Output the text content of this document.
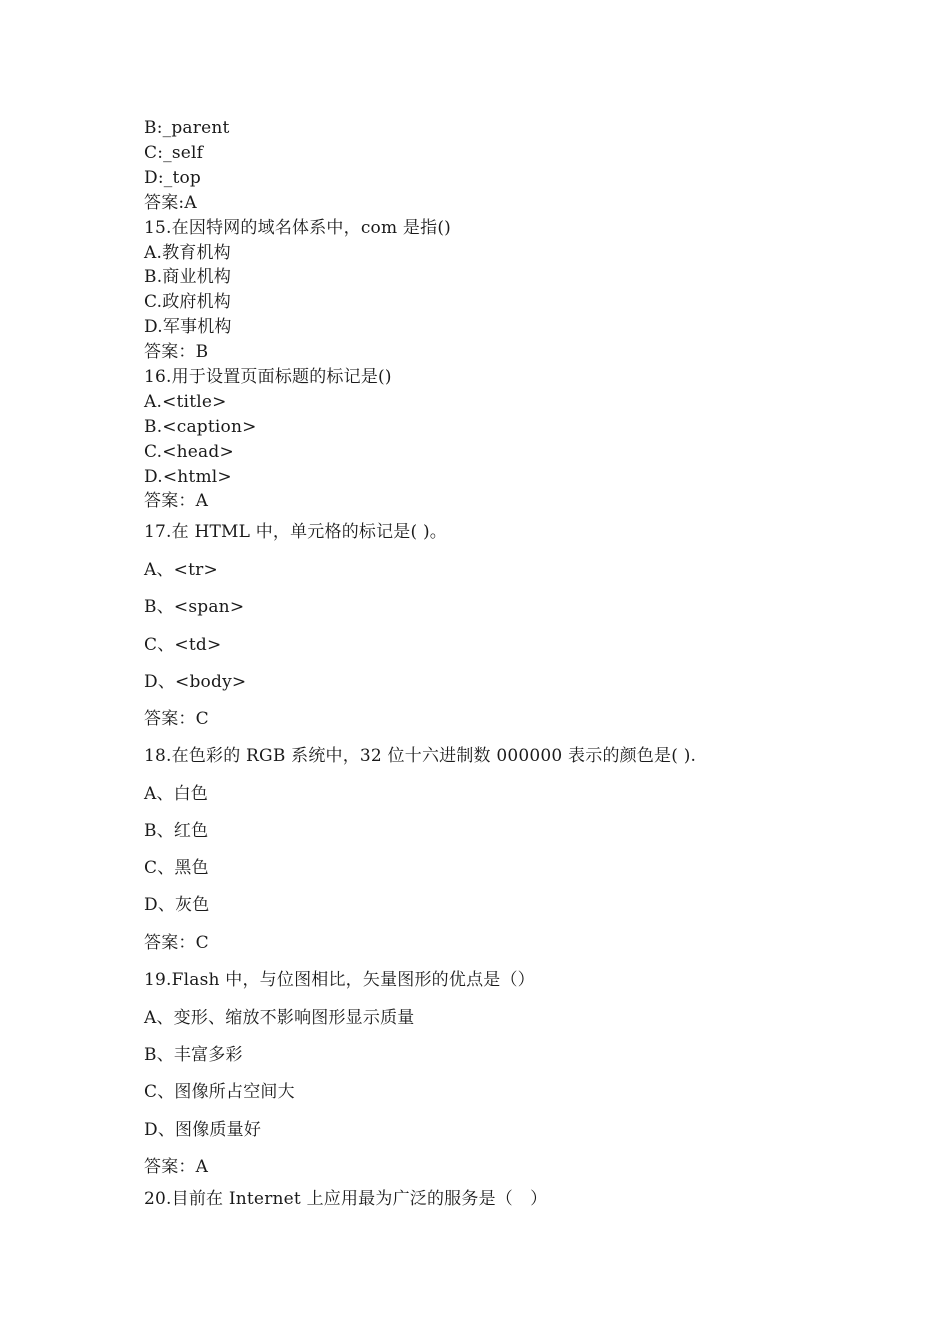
B:_parent
C:_self
D:_top
答案:A
15.在因特网的域名体系中，com 是指()
A.教育机构
B.商业机构
C.政府机构
D.军事机构
答案：B
16.用于设置页面标题的标记是()
A.<title>
B.<caption>
C.<head>
D.<html>
答案：A
17.在 HTML 中，单元格的标记是( )。
A、<tr>
B、<span>
C、<td>
D、<body>
答案：C
18.在色彩的 RGB 系统中，32 位十六进制数 000000 表示的颜色是( ).
A、白色
B、红色
C、黑色
D、灰色
答案：C
19.Flash 中，与位图相比，矢量图形的优点是（）
A、变形、缩放不影响图形显示质量
B、丰富多彩
C、图像所占空间大
D、图像质量好
答案：A
20.目前在 Internet 上应用最为广泛的服务是（　）
